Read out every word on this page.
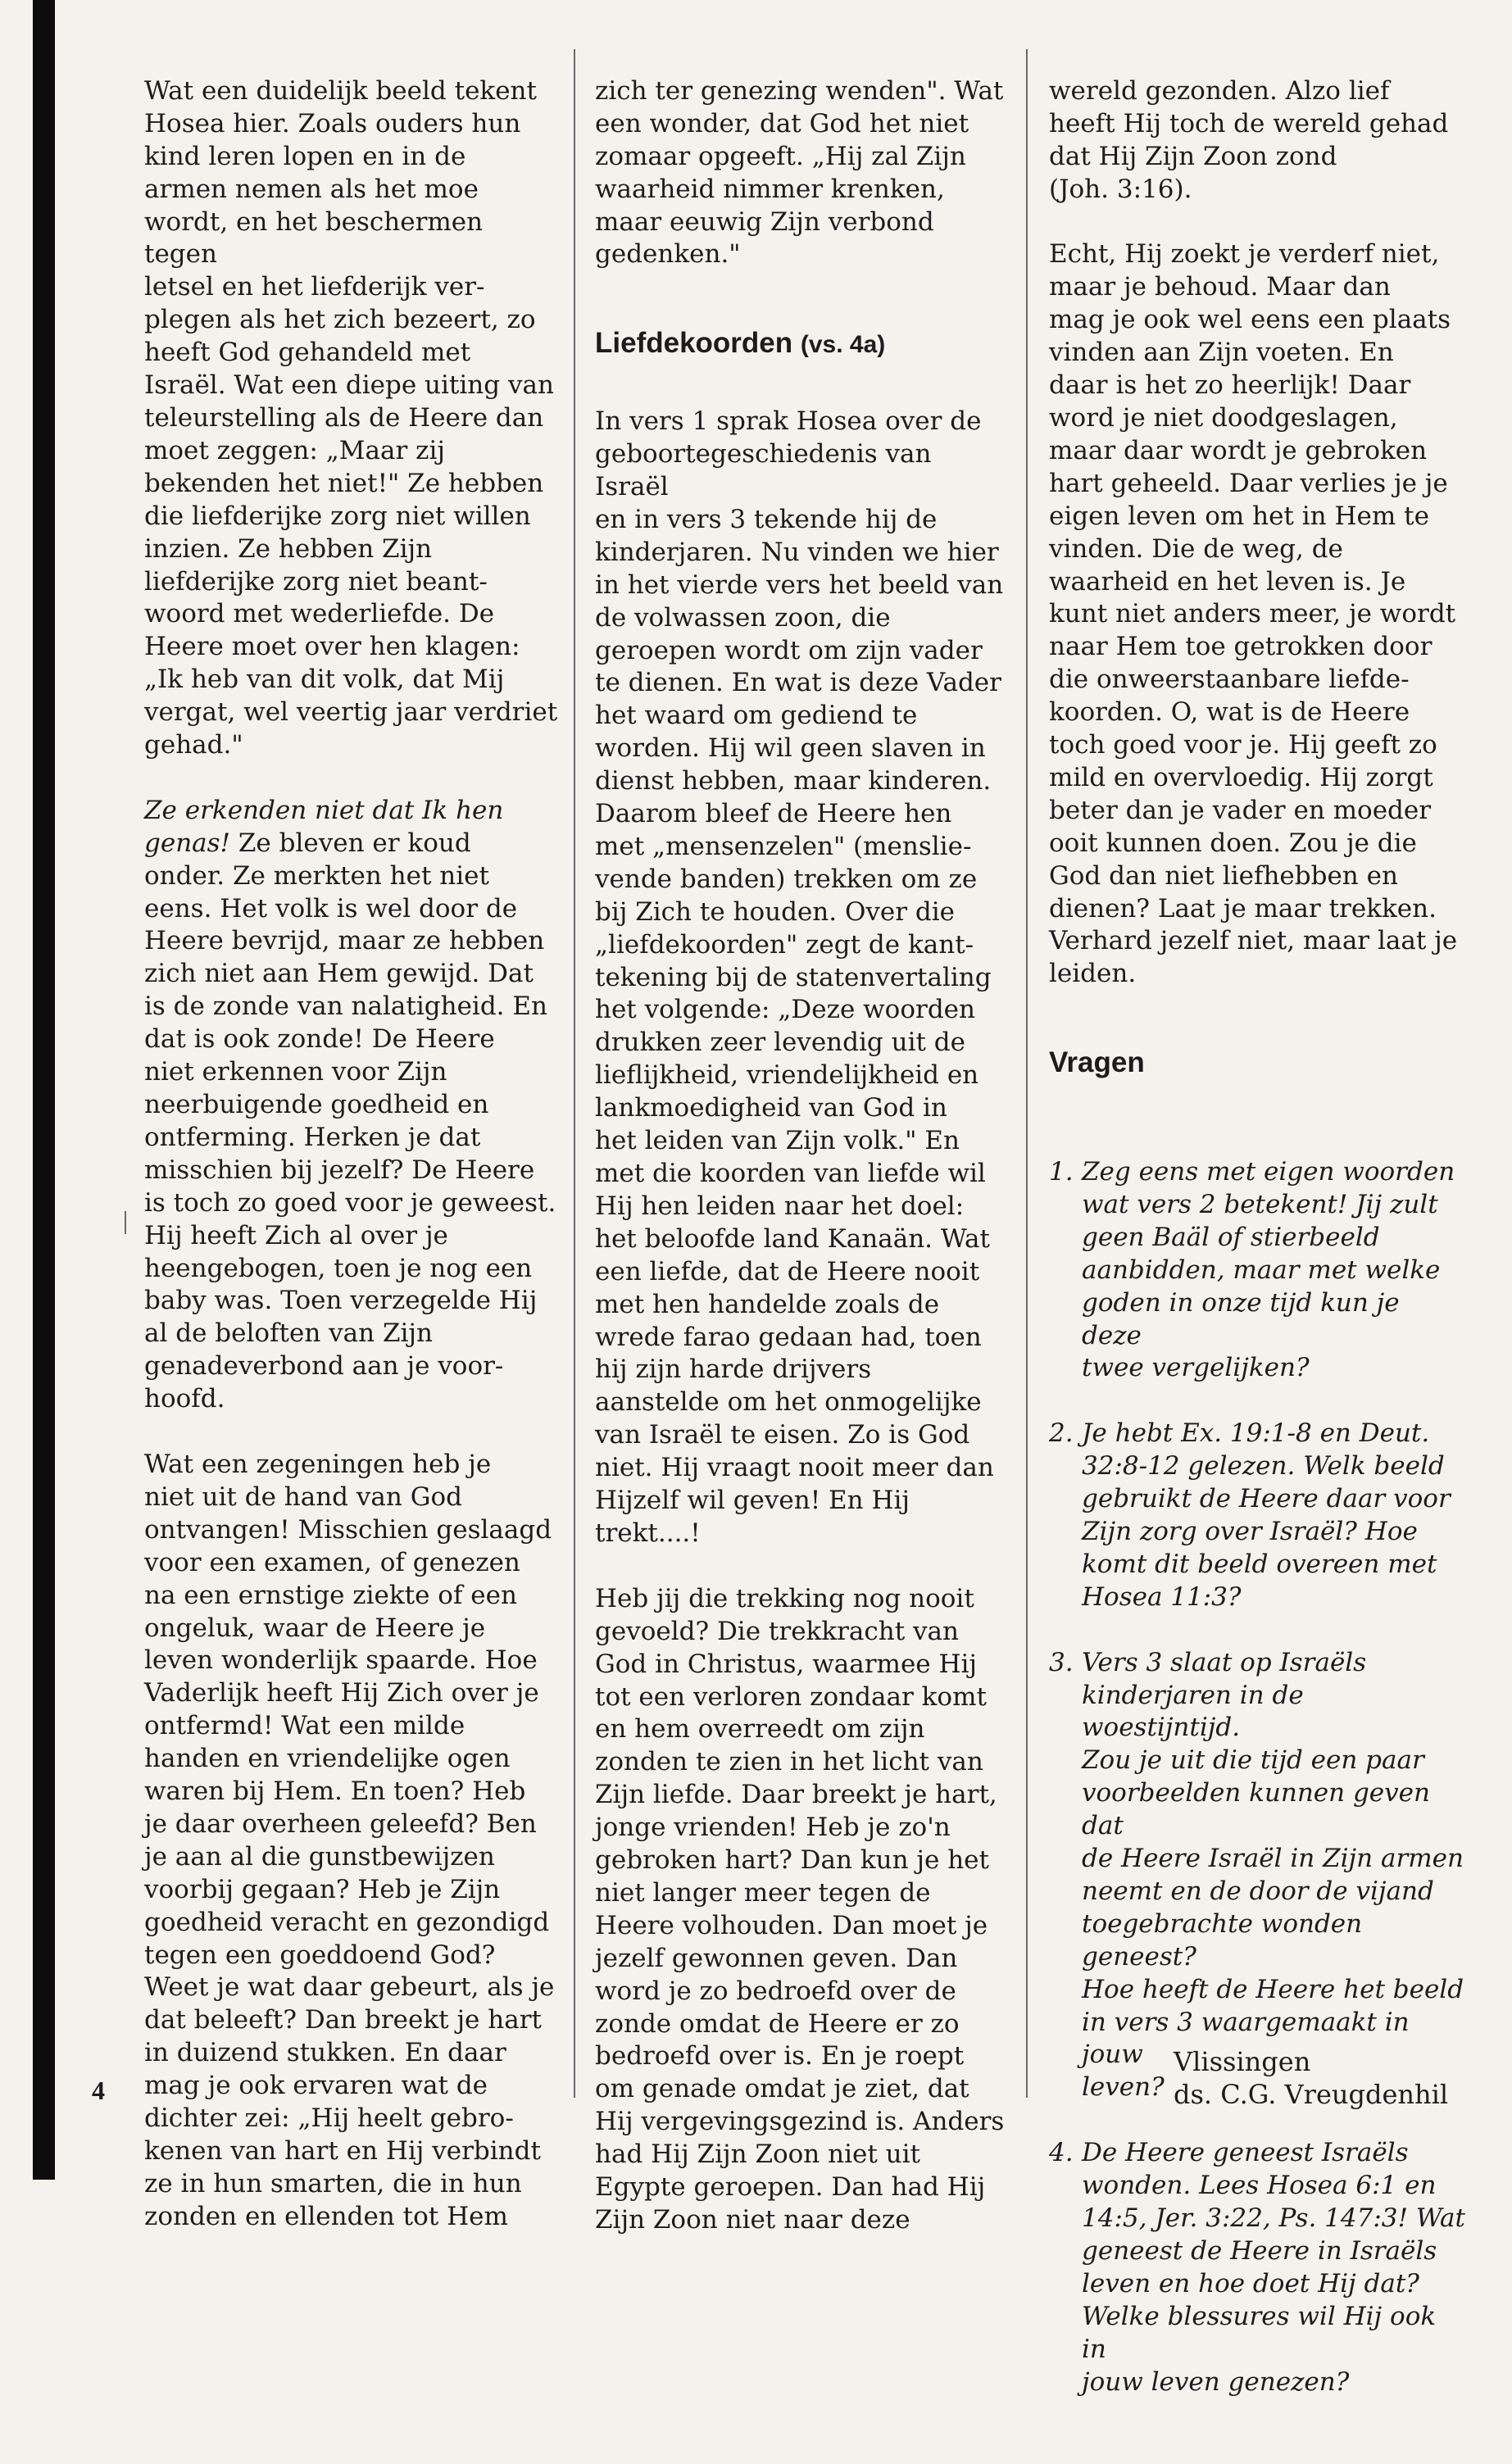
Wat een duidelijk beeld tekent
Hosea hier. Zoals ouders hun
kind leren lopen en in de
armen nemen als het moe
wordt, en het beschermen tegen
letsel en het liefderijk ver-
plegen als het zich bezeert, zo
heeft God gehandeld met
Israël. Wat een diepe uiting van
teleurstelling als de Heere dan
moet zeggen: „Maar zij
bekenden het niet!" Ze hebben
die liefderijke zorg niet willen
inzien. Ze hebben Zijn
liefderijke zorg niet beant-
woord met wederliefde. De
Heere moet over hen klagen:
„Ik heb van dit volk, dat Mij
vergat, wel veertig jaar verdriet
gehad."

Ze erkenden niet dat Ik hen
genas! Ze bleven er koud
onder. Ze merkten het niet
eens. Het volk is wel door de
Heere bevrijd, maar ze hebben
zich niet aan Hem gewijd. Dat
is de zonde van nalatigheid. En
dat is ook zonde! De Heere
niet erkennen voor Zijn
neerbuigende goedheid en
ontferming. Herken je dat
misschien bij jezelf? De Heere
is toch zo goed voor je geweest.
Hij heeft Zich al over je
heengebogen, toen je nog een
baby was. Toen verzegelde Hij
al de beloften van Zijn
genadeverbond aan je voor-
hoofd.

Wat een zegeningen heb je
niet uit de hand van God
ontvangen! Misschien geslaagd
voor een examen, of genezen
na een ernstige ziekte of een
ongeluk, waar de Heere je
leven wonderlijk spaarde. Hoe
Vaderlijk heeft Hij Zich over je
ontfermd! Wat een milde
handen en vriendelijke ogen
waren bij Hem. En toen? Heb
je daar overheen geleefd? Ben
je aan al die gunstbewijzen
voorbij gegaan? Heb je Zijn
goedheid veracht en gezondigd
tegen een goeddoend God?
Weet je wat daar gebeurt, als je
dat beleeft? Dan breekt je hart
in duizend stukken. En daar
mag je ook ervaren wat de
dichter zei: „Hij heelt gebro-
kenen van hart en Hij verbindt
ze in hun smarten, die in hun
zonden en ellenden tot Hem

zich ter genezing wenden". Wat
een wonder, dat God het niet
zomaar opgeeft. „Hij zal Zijn
waarheid nimmer krenken,
maar eeuwig Zijn verbond
gedenken."

Liefdekoorden (vs. 4a)

In vers 1 sprak Hosea over de
geboortegeschiedenis van Israël
en in vers 3 tekende hij de
kinderjaren. Nu vinden we hier
in het vierde vers het beeld van
de volwassen zoon, die
geroepen wordt om zijn vader
te dienen. En wat is deze Vader
het waard om gediend te
worden. Hij wil geen slaven in
dienst hebben, maar kinderen.
Daarom bleef de Heere hen
met „mensenzelen" (menslie-
vende banden) trekken om ze
bij Zich te houden. Over die
„liefdekoorden" zegt de kant-
tekening bij de statenvertaling
het volgende: „Deze woorden
drukken zeer levendig uit de
lieflijkheid, vriendelijkheid en
lankmoedigheid van God in
het leiden van Zijn volk." En
met die koorden van liefde wil
Hij hen leiden naar het doel:
het beloofde land Kanaän. Wat
een liefde, dat de Heere nooit
met hen handelde zoals de
wrede farao gedaan had, toen
hij zijn harde drijvers
aanstelde om het onmogelijke
van Israël te eisen. Zo is God
niet. Hij vraagt nooit meer dan
Hijzelf wil geven! En Hij
trekt....!

Heb jij die trekking nog nooit
gevoeld? Die trekkracht van
God in Christus, waarmee Hij
tot een verloren zondaar komt
en hem overreedt om zijn
zonden te zien in het licht van
Zijn liefde. Daar breekt je hart,
jonge vrienden! Heb je zo'n
gebroken hart? Dan kun je het
niet langer meer tegen de
Heere volhouden. Dan moet je
jezelf gewonnen geven. Dan
word je zo bedroefd over de
zonde omdat de Heere er zo
bedroefd over is. En je roept
om genade omdat je ziet, dat
Hij vergevingsgezind is. Anders
had Hij Zijn Zoon niet uit
Egypte geroepen. Dan had Hij
Zijn Zoon niet naar deze

wereld gezonden. Alzo lief
heeft Hij toch de wereld gehad
dat Hij Zijn Zoon zond
(Joh. 3:16).

Echt, Hij zoekt je verderf niet,
maar je behoud. Maar dan
mag je ook wel eens een plaats
vinden aan Zijn voeten. En
daar is het zo heerlijk! Daar
word je niet doodgeslagen,
maar daar wordt je gebroken
hart geheeld. Daar verlies je je
eigen leven om het in Hem te
vinden. Die de weg, de
waarheid en het leven is. Je
kunt niet anders meer, je wordt
naar Hem toe getrokken door
die onweerstaanbare liefde-
koorden. O, wat is de Heere
toch goed voor je. Hij geeft zo
mild en overvloedig. Hij zorgt
beter dan je vader en moeder
ooit kunnen doen. Zou je die
God dan niet liefhebben en
dienen? Laat je maar trekken.
Verhard jezelf niet, maar laat je
leiden.

Vragen

1. Zeg eens met eigen woorden
wat vers 2 betekent! Jij zult
geen Baäl of stierbeeld
aanbidden, maar met welke
goden in onze tijd kun je deze
twee vergelijken?

2. Je hebt Ex. 19:1-8 en Deut.
32:8-12 gelezen. Welk beeld
gebruikt de Heere daar voor
Zijn zorg over Israël? Hoe
komt dit beeld overeen met
Hosea 11:3?

3. Vers 3 slaat op Israëls
kinderjaren in de woestijntijd.
Zou je uit die tijd een paar
voorbeelden kunnen geven dat
de Heere Israël in Zijn armen
neemt en de door de vijand
toegebrachte wonden geneest?
Hoe heeft de Heere het beeld
in vers 3 waargemaakt in jouw
leven?

4. De Heere geneest Israëls
wonden. Lees Hosea 6:1 en
14:5, Jer. 3:22, Ps. 147:3! Wat
geneest de Heere in Israëls
leven en hoe doet Hij dat?
Welke blessures wil Hij ook in
jouw leven genezen?

Vlissingen
ds. C.G. Vreugdenhil
4
